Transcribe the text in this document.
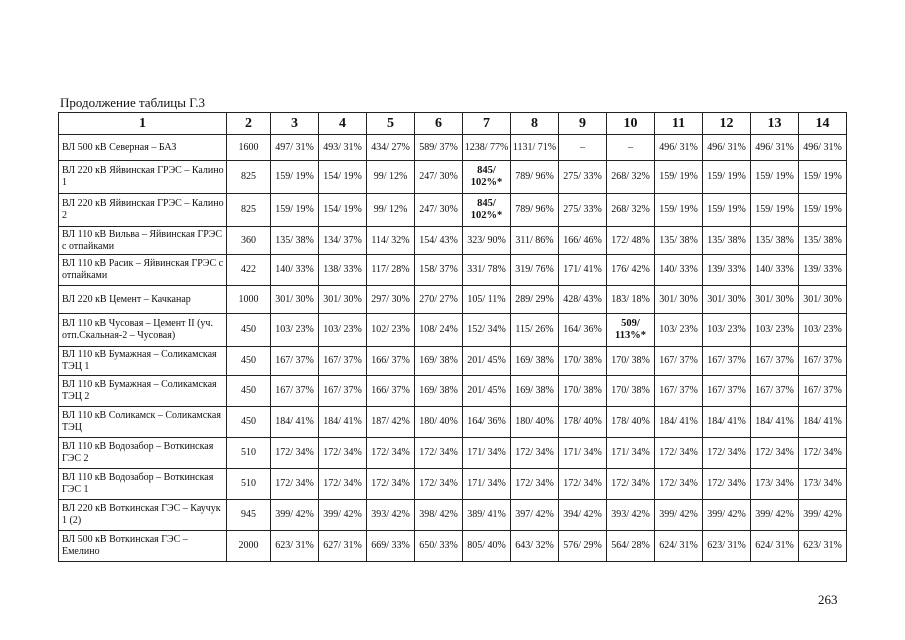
Продолжение таблицы Г.3
1	2	3	4	5	6	7	8	9	10	11	12	13	14
ВЛ 500 кВ Северная – БАЗ	1600	497/ 31%	493/ 31%	434/ 27%	589/ 37%	1238/ 77%	1131/ 71%	–	–	496/ 31%	496/ 31%	496/ 31%	496/ 31%
ВЛ 220 кВ Яйвинская ГРЭС – Калино 1	825	159/ 19%	154/ 19%	99/ 12%	247/ 30%	845/ 102%*	789/ 96%	275/ 33%	268/ 32%	159/ 19%	159/ 19%	159/ 19%	159/ 19%
ВЛ 220 кВ Яйвинская ГРЭС – Калино 2	825	159/ 19%	154/ 19%	99/ 12%	247/ 30%	845/ 102%*	789/ 96%	275/ 33%	268/ 32%	159/ 19%	159/ 19%	159/ 19%	159/ 19%
ВЛ 110 кВ Вильва – Яйвинская ГРЭС с отпайками	360	135/ 38%	134/ 37%	114/ 32%	154/ 43%	323/ 90%	311/ 86%	166/ 46%	172/ 48%	135/ 38%	135/ 38%	135/ 38%	135/ 38%
ВЛ 110 кВ Расик – Яйвинская ГРЭС с отпайками	422	140/ 33%	138/ 33%	117/ 28%	158/ 37%	331/ 78%	319/ 76%	171/ 41%	176/ 42%	140/ 33%	139/ 33%	140/ 33%	139/ 33%
ВЛ 220 кВ Цемент – Качканар	1000	301/ 30%	301/ 30%	297/ 30%	270/ 27%	105/ 11%	289/ 29%	428/ 43%	183/ 18%	301/ 30%	301/ 30%	301/ 30%	301/ 30%
ВЛ 110 кВ Чусовая – Цемент II (уч. отп.Скальная-2 – Чусовая)	450	103/ 23%	103/ 23%	102/ 23%	108/ 24%	152/ 34%	115/ 26%	164/ 36%	509/ 113%*	103/ 23%	103/ 23%	103/ 23%	103/ 23%
ВЛ 110 кВ Бумажная – Соликамская ТЭЦ 1	450	167/ 37%	167/ 37%	166/ 37%	169/ 38%	201/ 45%	169/ 38%	170/ 38%	170/ 38%	167/ 37%	167/ 37%	167/ 37%	167/ 37%
ВЛ 110 кВ Бумажная – Соликамская ТЭЦ 2	450	167/ 37%	167/ 37%	166/ 37%	169/ 38%	201/ 45%	169/ 38%	170/ 38%	170/ 38%	167/ 37%	167/ 37%	167/ 37%	167/ 37%
ВЛ 110 кВ Соликамск – Соликамская ТЭЦ	450	184/ 41%	184/ 41%	187/ 42%	180/ 40%	164/ 36%	180/ 40%	178/ 40%	178/ 40%	184/ 41%	184/ 41%	184/ 41%	184/ 41%
ВЛ 110 кВ Водозабор – Воткинская ГЭС 2	510	172/ 34%	172/ 34%	172/ 34%	172/ 34%	171/ 34%	172/ 34%	171/ 34%	171/ 34%	172/ 34%	172/ 34%	172/ 34%	172/ 34%
ВЛ 110 кВ Водозабор – Воткинская ГЭС 1	510	172/ 34%	172/ 34%	172/ 34%	172/ 34%	171/ 34%	172/ 34%	172/ 34%	172/ 34%	172/ 34%	172/ 34%	173/ 34%	173/ 34%
ВЛ 220 кВ Воткинская ГЭС – Каучук 1 (2)	945	399/ 42%	399/ 42%	393/ 42%	398/ 42%	389/ 41%	397/ 42%	394/ 42%	393/ 42%	399/ 42%	399/ 42%	399/ 42%	399/ 42%
ВЛ 500 кВ Воткинская ГЭС – Емелино	2000	623/ 31%	627/ 31%	669/ 33%	650/ 33%	805/ 40%	643/ 32%	576/ 29%	564/ 28%	624/ 31%	623/ 31%	624/ 31%	623/ 31%
263
